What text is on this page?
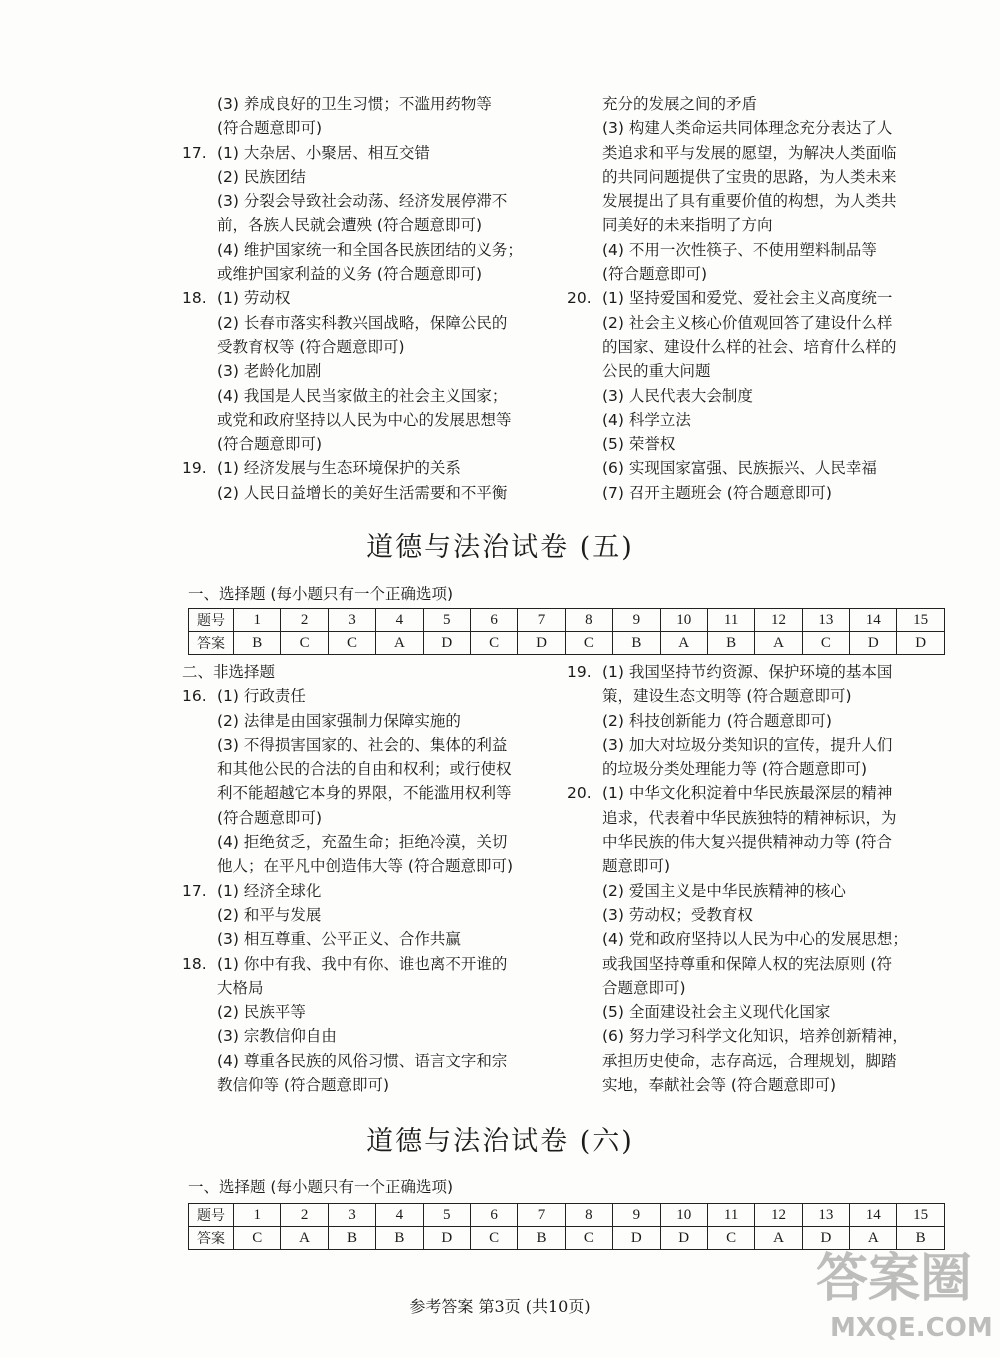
(3) 养成良好的卫生习惯；不滥用药物等
(符合题意即可)
17. (1) 大杂居、小聚居、相互交错
(2) 民族团结
(3) 分裂会导致社会动荡、经济发展停滞不
前，各族人民就会遭殃 (符合题意即可)
(4) 维护国家统一和全国各民族团结的义务；
或维护国家利益的义务 (符合题意即可)
18. (1) 劳动权
(2) 长春市落实科教兴国战略，保障公民的
受教育权等 (符合题意即可)
(3) 老龄化加剧
(4) 我国是人民当家做主的社会主义国家；
或党和政府坚持以人民为中心的发展思想等
(符合题意即可)
19. (1) 经济发展与生态环境保护的关系
(2) 人民日益增长的美好生活需要和不平衡
充分的发展之间的矛盾
(3) 构建人类命运共同体理念充分表达了人
类追求和平与发展的愿望，为解决人类面临
的共同问题提供了宝贵的思路，为人类未来
发展提出了具有重要价值的构想，为人类共
同美好的未来指明了方向
(4) 不用一次性筷子、不使用塑料制品等
(符合题意即可)
20. (1) 坚持爱国和爱党、爱社会主义高度统一
(2) 社会主义核心价值观回答了建设什么样
的国家、建设什么样的社会、培育什么样的
公民的重大问题
(3) 人民代表大会制度
(4) 科学立法
(5) 荣誉权
(6) 实现国家富强、民族振兴、人民幸福
(7) 召开主题班会 (符合题意即可)
道德与法治试卷 (五)
一、选择题 (每小题只有一个正确选项)
题号	1	2	3	4	5	6	7	8	9	10	11	12	13	14	15
答案	B	C	C	A	D	C	D	C	B	A	B	A	C	D	D
二、非选择题
16. (1) 行政责任
(2) 法律是由国家强制力保障实施的
(3) 不得损害国家的、社会的、集体的利益
和其他公民的合法的自由和权利；或行使权
利不能超越它本身的界限，不能滥用权利等
(符合题意即可)
(4) 拒绝贫乏，充盈生命；拒绝冷漠，关切
他人；在平凡中创造伟大等 (符合题意即可)
17. (1) 经济全球化
(2) 和平与发展
(3) 相互尊重、公平正义、合作共赢
18. (1) 你中有我、我中有你、谁也离不开谁的
大格局
(2) 民族平等
(3) 宗教信仰自由
(4) 尊重各民族的风俗习惯、语言文字和宗
教信仰等 (符合题意即可)
19. (1) 我国坚持节约资源、保护环境的基本国
策，建设生态文明等 (符合题意即可)
(2) 科技创新能力 (符合题意即可)
(3) 加大对垃圾分类知识的宣传，提升人们
的垃圾分类处理能力等 (符合题意即可)
20. (1) 中华文化积淀着中华民族最深层的精神
追求，代表着中华民族独特的精神标识，为
中华民族的伟大复兴提供精神动力等 (符合
题意即可)
(2) 爱国主义是中华民族精神的核心
(3) 劳动权；受教育权
(4) 党和政府坚持以人民为中心的发展思想；
或我国坚持尊重和保障人权的宪法原则 (符
合题意即可)
(5) 全面建设社会主义现代化国家
(6) 努力学习科学文化知识，培养创新精神，
承担历史使命，志存高远，合理规划，脚踏
实地，奉献社会等 (符合题意即可)
道德与法治试卷 (六)
一、选择题 (每小题只有一个正确选项)
题号	1	2	3	4	5	6	7	8	9	10	11	12	13	14	15
答案	C	A	B	B	D	C	B	C	D	D	C	A	D	A	B
参考答案 第3页 (共10页)	答案圈
MXQE.COM
